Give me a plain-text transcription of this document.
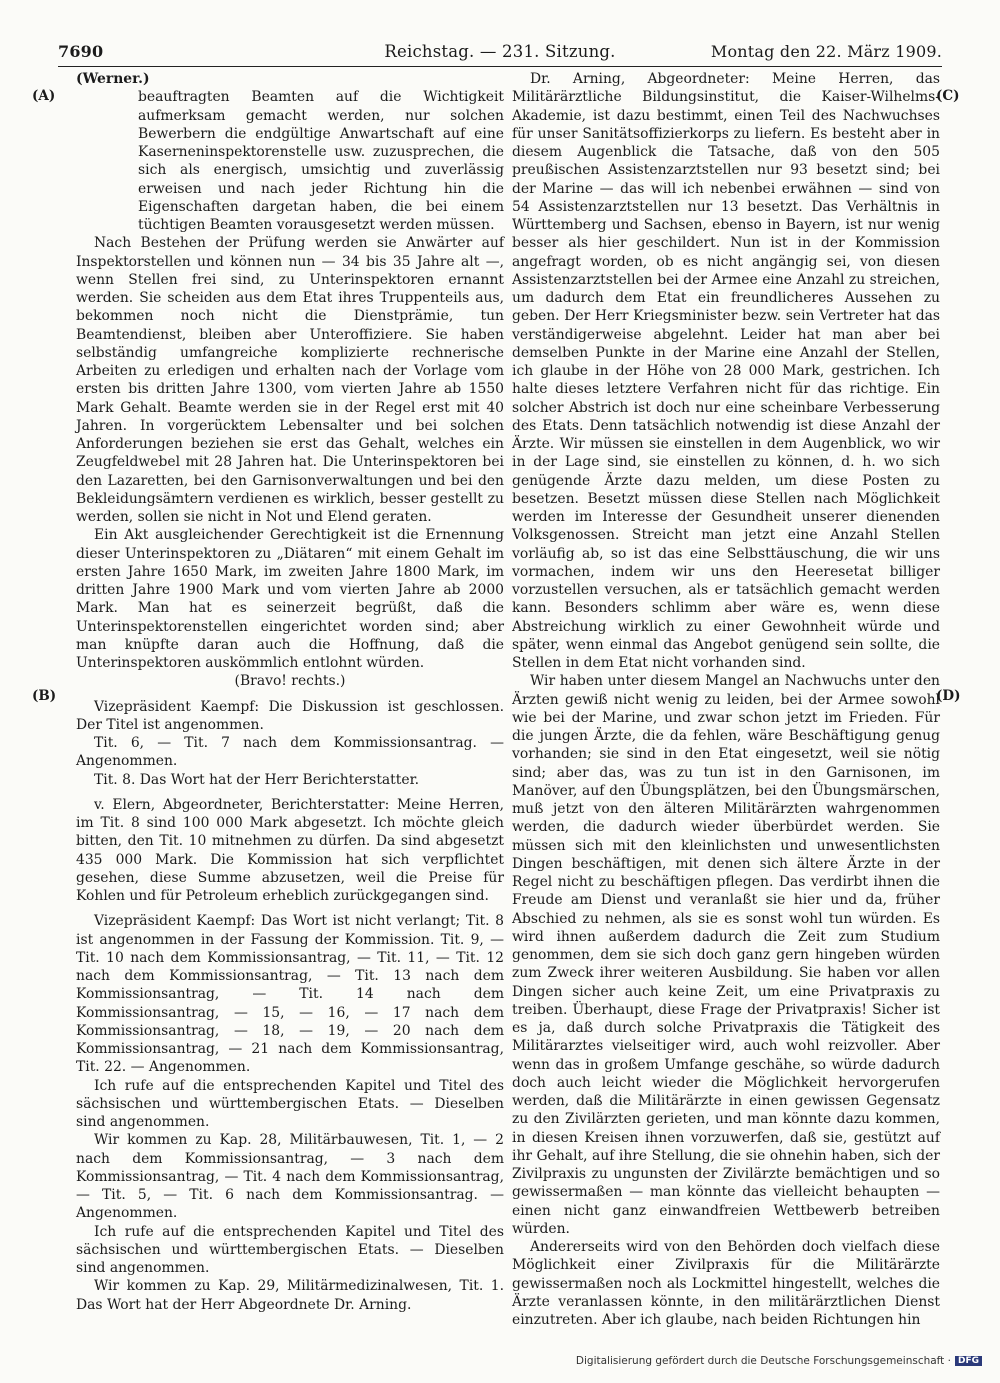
7690	Reichstag. — 231. Sitzung.	Montag den 22. März 1909.
(A)
(B)
(C)
(D)

(Werner.)

beauftragten Beamten auf die Wichtigkeit aufmerksam gemacht werden, nur solchen Bewerbern die endgültige Anwartschaft auf eine Kaserneninspektorenstelle usw. zuzusprechen, die sich als energisch, umsichtig und zuverlässig erweisen und nach jeder Richtung hin die Eigenschaften dargetan haben, die bei einem tüchtigen Beamten vorausgesetzt werden müssen.

Nach Bestehen der Prüfung werden sie Anwärter auf Inspektorstellen und können nun — 34 bis 35 Jahre alt —, wenn Stellen frei sind, zu Unterinspektoren ernannt werden. Sie scheiden aus dem Etat ihres Truppenteils aus, bekommen noch nicht die Dienstprämie, tun Beamtendienst, bleiben aber Unteroffiziere. Sie haben selbständig umfangreiche komplizierte rechnerische Arbeiten zu erledigen und erhalten nach der Vorlage vom ersten bis dritten Jahre 1300, vom vierten Jahre ab 1550 Mark Gehalt. Beamte werden sie in der Regel erst mit 40 Jahren. In vorgerücktem Lebensalter und bei solchen Anforderungen beziehen sie erst das Gehalt, welches ein Zeugfeldwebel mit 28 Jahren hat. Die Unterinspektoren bei den Lazaretten, bei den Garnisonverwaltungen und bei den Bekleidungsämtern verdienen es wirklich, besser gestellt zu werden, sollen sie nicht in Not und Elend geraten.

Ein Akt ausgleichender Gerechtigkeit ist die Ernennung dieser Unterinspektoren zu „Diätaren“ mit einem Gehalt im ersten Jahre 1650 Mark, im zweiten Jahre 1800 Mark, im dritten Jahre 1900 Mark und vom vierten Jahre ab 2000 Mark. Man hat es seinerzeit begrüßt, daß die Unterinspektorenstellen eingerichtet worden sind; aber man knüpfte daran auch die Hoffnung, daß die Unterinspektoren auskömmlich entlohnt würden.

(Bravo! rechts.)

Vizepräsident Kaempf: Die Diskussion ist geschlossen. Der Titel ist angenommen.

Tit. 6, — Tit. 7 nach dem Kommissionsantrag. — Angenommen.

Tit. 8. Das Wort hat der Herr Berichterstatter.

v. Elern, Abgeordneter, Berichterstatter: Meine Herren, im Tit. 8 sind 100 000 Mark abgesetzt. Ich möchte gleich bitten, den Tit. 10 mitnehmen zu dürfen. Da sind abgesetzt 435 000 Mark. Die Kommission hat sich verpflichtet gesehen, diese Summe abzusetzen, weil die Preise für Kohlen und für Petroleum erheblich zurückgegangen sind.

Vizepräsident Kaempf: Das Wort ist nicht verlangt; Tit. 8 ist angenommen in der Fassung der Kommission. Tit. 9, — Tit. 10 nach dem Kommissionsantrag, — Tit. 11, — Tit. 12 nach dem Kommissionsantrag, — Tit. 13 nach dem Kommissionsantrag, — Tit. 14 nach dem Kommissionsantrag, — 15, — 16, — 17 nach dem Kommissionsantrag, — 18, — 19, — 20 nach dem Kommissionsantrag, — 21 nach dem Kommissionsantrag, Tit. 22. — Angenommen.

Ich rufe auf die entsprechenden Kapitel und Titel des sächsischen und württembergischen Etats. — Dieselben sind angenommen.

Wir kommen zu Kap. 28, Militärbauwesen, Tit. 1, — 2 nach dem Kommissionsantrag, — 3 nach dem Kommissionsantrag, — Tit. 4 nach dem Kommissionsantrag, — Tit. 5, — Tit. 6 nach dem Kommissionsantrag. — Angenommen.

Ich rufe auf die entsprechenden Kapitel und Titel des sächsischen und württembergischen Etats. — Dieselben sind angenommen.

Wir kommen zu Kap. 29, Militärmedizinalwesen, Tit. 1. Das Wort hat der Herr Abgeordnete Dr. Arning.

Dr. Arning, Abgeordneter: Meine Herren, das Militärärztliche Bildungsinstitut, die Kaiser-Wilhelms-Akademie, ist dazu bestimmt, einen Teil des Nachwuchses für unser Sanitätsoffizierkorps zu liefern. Es besteht aber in diesem Augenblick die Tatsache, daß von den 505 preußischen Assistenzarztstellen nur 93 besetzt sind; bei der Marine — das will ich nebenbei erwähnen — sind von 54 Assistenzarztstellen nur 13 besetzt. Das Verhältnis in Württemberg und Sachsen, ebenso in Bayern, ist nur wenig besser als hier geschildert. Nun ist in der Kommission angefragt worden, ob es nicht angängig sei, von diesen Assistenzarztstellen bei der Armee eine Anzahl zu streichen, um dadurch dem Etat ein freundlicheres Aussehen zu geben. Der Herr Kriegsminister bezw. sein Vertreter hat das verständigerweise abgelehnt. Leider hat man aber bei demselben Punkte in der Marine eine Anzahl der Stellen, ich glaube in der Höhe von 28 000 Mark, gestrichen. Ich halte dieses letztere Verfahren nicht für das richtige. Ein solcher Abstrich ist doch nur eine scheinbare Verbesserung des Etats. Denn tatsächlich notwendig ist diese Anzahl der Ärzte. Wir müssen sie einstellen in dem Augenblick, wo wir in der Lage sind, sie einstellen zu können, d. h. wo sich genügende Ärzte dazu melden, um diese Posten zu besetzen. Besetzt müssen diese Stellen nach Möglichkeit werden im Interesse der Gesundheit unserer dienenden Volksgenossen. Streicht man jetzt eine Anzahl Stellen vorläufig ab, so ist das eine Selbsttäuschung, die wir uns vormachen, indem wir uns den Heeresetat billiger vorzustellen versuchen, als er tatsächlich gemacht werden kann. Besonders schlimm aber wäre es, wenn diese Abstreichung wirklich zu einer Gewohnheit würde und später, wenn einmal das Angebot genügend sein sollte, die Stellen in dem Etat nicht vorhanden sind.

Wir haben unter diesem Mangel an Nachwuchs unter den Ärzten gewiß nicht wenig zu leiden, bei der Armee sowohl wie bei der Marine, und zwar schon jetzt im Frieden. Für die jungen Ärzte, die da fehlen, wäre Beschäftigung genug vorhanden; sie sind in den Etat eingesetzt, weil sie nötig sind; aber das, was zu tun ist in den Garnisonen, im Manöver, auf den Übungsplätzen, bei den Übungsmärschen, muß jetzt von den älteren Militärärzten wahrgenommen werden, die dadurch wieder überbürdet werden. Sie müssen sich mit den kleinlichsten und unwesentlichsten Dingen beschäftigen, mit denen sich ältere Ärzte in der Regel nicht zu beschäftigen pflegen. Das verdirbt ihnen die Freude am Dienst und veranlaßt sie hier und da, früher Abschied zu nehmen, als sie es sonst wohl tun würden. Es wird ihnen außerdem dadurch die Zeit zum Studium genommen, dem sie sich doch ganz gern hingeben würden zum Zweck ihrer weiteren Ausbildung. Sie haben vor allen Dingen sicher auch keine Zeit, um eine Privatpraxis zu treiben. Überhaupt, diese Frage der Privatpraxis! Sicher ist es ja, daß durch solche Privatpraxis die Tätigkeit des Militärarztes vielseitiger wird, auch wohl reizvoller. Aber wenn das in großem Umfange geschähe, so würde dadurch doch auch leicht wieder die Möglichkeit hervorgerufen werden, daß die Militärärzte in einen gewissen Gegensatz zu den Zivilärzten gerieten, und man könnte dazu kommen, in diesen Kreisen ihnen vorzuwerfen, daß sie, gestützt auf ihr Gehalt, auf ihre Stellung, die sie ohnehin haben, sich der Zivilpraxis zu ungunsten der Zivilärzte bemächtigen und so gewissermaßen — man könnte das vielleicht behaupten — einen nicht ganz einwandfreien Wettbewerb betreiben würden.

Andererseits wird von den Behörden doch vielfach diese Möglichkeit einer Zivilpraxis für die Militärärzte gewissermaßen noch als Lockmittel hingestellt, welches die Ärzte veranlassen könnte, in den militärärztlichen Dienst einzutreten. Aber ich glaube, nach beiden Richtungen hin

Digitalisierung gefördert durch die Deutsche Forschungsgemeinschaft · DFG
